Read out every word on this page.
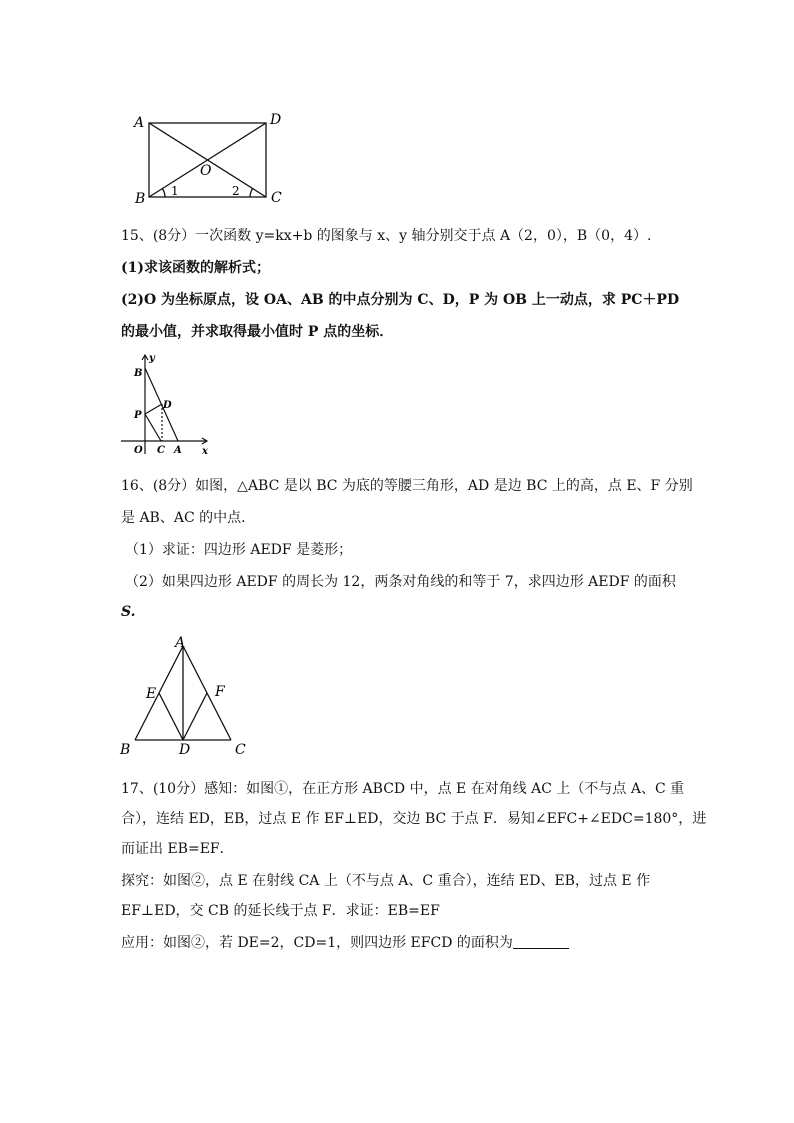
A	D
B	C
O
1	2
15、(8分）一次函数 y=kx+b 的图象与 x、y 轴分别交于点 A（2，0），B（0，4）.
(1)求该函数的解析式；
(2)O 为坐标原点，设 OA、AB 的中点分别为 C、D，P 为 OB 上一动点，求 PC＋PD
的最小值，并求取得最小值时 P 点的坐标．
y
x
B
P
D
O C A
16、(8分）如图，△ABC 是以 BC 为底的等腰三角形，AD 是边 BC 上的高，点 E、F 分别
是 AB、AC 的中点．
（1）求证：四边形 AEDF 是菱形；
（2）如果四边形 AEDF 的周长为 12，两条对角线的和等于 7，求四边形 AEDF 的面积
S.
A
E	F
B	D	C
17、(10分）感知：如图①，在正方形 ABCD 中，点 E 在对角线 AC 上（不与点 A、C 重
合），连结 ED，EB，过点 E 作 EF⊥ED，交边 BC 于点 F．易知∠EFC+∠EDC=180°，进
而证出 EB=EF．
探究：如图②，点 E 在射线 CA 上（不与点 A、C 重合），连结 ED、EB，过点 E 作
EF⊥ED，交 CB 的延长线于点 F．求证：EB=EF
应用：如图②，若 DE=2，CD=1，则四边形 EFCD 的面积为
